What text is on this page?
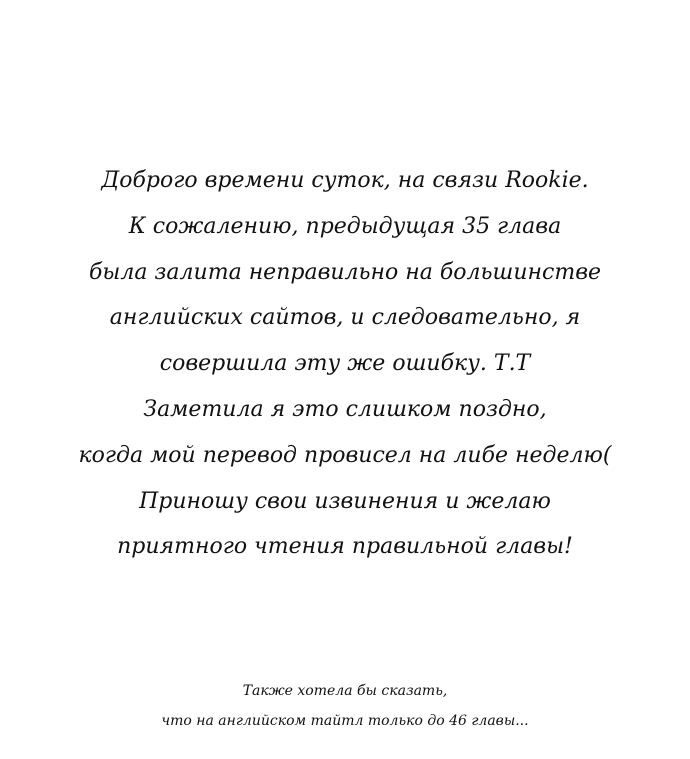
Доброго времени суток, на связи Rookie.
К сожалению, предыдущая 35 глава
была залита неправильно на большинстве
английских сайтов, и следовательно, я
совершила эту же ошибку. Т.Т
Заметила я это слишком поздно,
когда мой перевод провисел на либе неделю(
Приношу свои извинения и желаю
приятного чтения правильной главы!
Также хотела бы сказать,
что на английском тайтл только до 46 главы...
